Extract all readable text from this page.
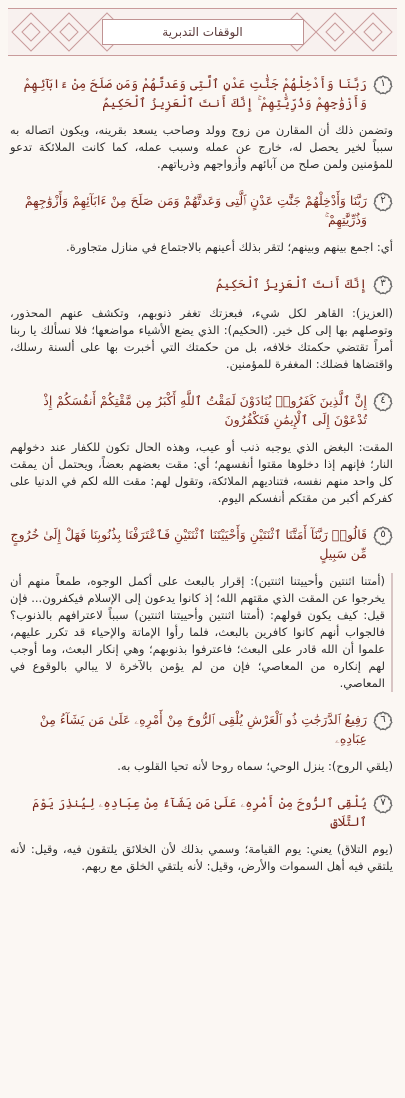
الوقفات التدبرية
١
رَبَّنَا وَأَدْخِلْهُمْ جَنَّٰتِ عَدْنٍ ٱلَّتِى وَعَدتَّهُمْ وَمَن صَلَحَ مِنْ ءَابَآئِهِمْ وَأَزْوَٰجِهِمْ وَذُرِّيَّٰتِهِمْ ۚ إِنَّكَ أَنتَ ٱلْعَزِيزُ ٱلْحَكِيمُ
وتضمن ذلك أن المقارن من زوج وولد وصاحب يسعد بقرينه، ويكون اتصاله به سبباً لخير يحصل له، خارج عن عمله وسبب عمله، كما كانت الملائكة تدعو للمؤمنين ولمن صلح من آبائهم وأزواجهم وذرياتهم.
٢
رَبَّنَا وَأَدْخِلْهُمْ جَنَّٰتِ عَدْنٍ ٱلَّتِى وَعَدتَّهُمْ وَمَن صَلَحَ مِنْ ءَابَآئِهِمْ وَأَزْوَٰجِهِمْ وَذُرِّيَّٰتِهِمْ ۚ
أي: اجمع بينهم وبينهم؛ لتقر بذلك أعينهم بالاجتماع في منازل متجاورة.
٣
إِنَّكَ أَنتَ ٱلْعَزِيزُ ٱلْحَكِيمُ
(العزيز): القاهر لكل شيء، فبعزتك تغفر ذنوبهم، وتكشف عنهم المحذور، وتوصلهم بها إلى كل خير. (الحكيم): الذي يضع الأشياء مواضعها؛ فلا نسألك يا ربنا أمراً تقتضي حكمتك خلافه، بل من حكمتك التي أخبرت بها على ألسنة رسلك، واقتضاها فضلك: المغفرة للمؤمنين.
٤
إِنَّ ٱلَّذِينَ كَفَرُوا۟ يُنَادَوْنَ لَمَقْتُ ٱللَّهِ أَكْبَرُ مِن مَّقْتِكُمْ أَنفُسَكُمْ إِذْ تُدْعَوْنَ إِلَى ٱلْإِيمَٰنِ فَتَكْفُرُونَ
المقت: البغض الذي يوجبه ذنب أو عيب، وهذه الحال تكون للكفار عند دخولهم النار؛ فإنهم إذا دخلوها مقتوا أنفسهم؛ أي: مقت بعضهم بعضاً، ويحتمل أن يمقت كل واحد منهم نفسه، فتناديهم الملائكة، وتقول لهم: مقت الله لكم في الدنيا على كفركم أكبر من مقتكم أنفسكم اليوم.
٥
قَالُوا۟ رَبَّنَآ أَمَتَّنَا ٱثْنَتَيْنِ وَأَحْيَيْتَنَا ٱثْنَتَيْنِ فَٱعْتَرَفْنَا بِذُنُوبِنَا فَهَلْ إِلَىٰ خُرُوجٍ مِّن سَبِيلٍ
(أمتنا اثنتين وأحييتنا اثنتين): إقرار بالبعث على أكمل الوجوه، طمعاً منهم أن يخرجوا عن المقت الذي مقتهم الله؛ إذ كانوا يدعون إلى الإسلام فيكفرون... فإن قيل: كيف يكون قولهم: (أمتنا اثنتين وأحييتنا اثنتين) سبباً لاعترافهم بالذنوب؟ فالجواب أنهم كانوا كافرين بالبعث، فلما رأوا الإماتة والإحياء قد تكرر عليهم، علموا أن الله قادر على البعث؛ فاعترفوا بذنوبهم؛ وهي إنكار البعث، وما أوجب لهم إنكاره من المعاصي؛ فإن من لم يؤمن بالآخرة لا يبالي بالوقوع في المعاصي.
٦
رَفِيعُ ٱلدَّرَجَٰتِ ذُو ٱلْعَرْشِ يُلْقِى ٱلرُّوحَ مِنْ أَمْرِهِۦ عَلَىٰ مَن يَشَآءُ مِنْ عِبَادِهِۦ
(يلقي الروح): ينزل الوحي؛ سماه روحا لأنه تحيا القلوب به.
٧
يُلْقِى ٱلرُّوحَ مِنْ أَمْرِهِۦ عَلَىٰ مَن يَشَآءُ مِنْ عِبَادِهِۦ لِيُنذِرَ يَوْمَ ٱلتَّلَاقِ
(يوم التلاق) يعني: يوم القيامة؛ وسمي بذلك لأن الخلائق يلتقون فيه، وقيل: لأنه يلتقي فيه أهل السموات والأرض، وقيل: لأنه يلتقي الخلق مع ربهم.
